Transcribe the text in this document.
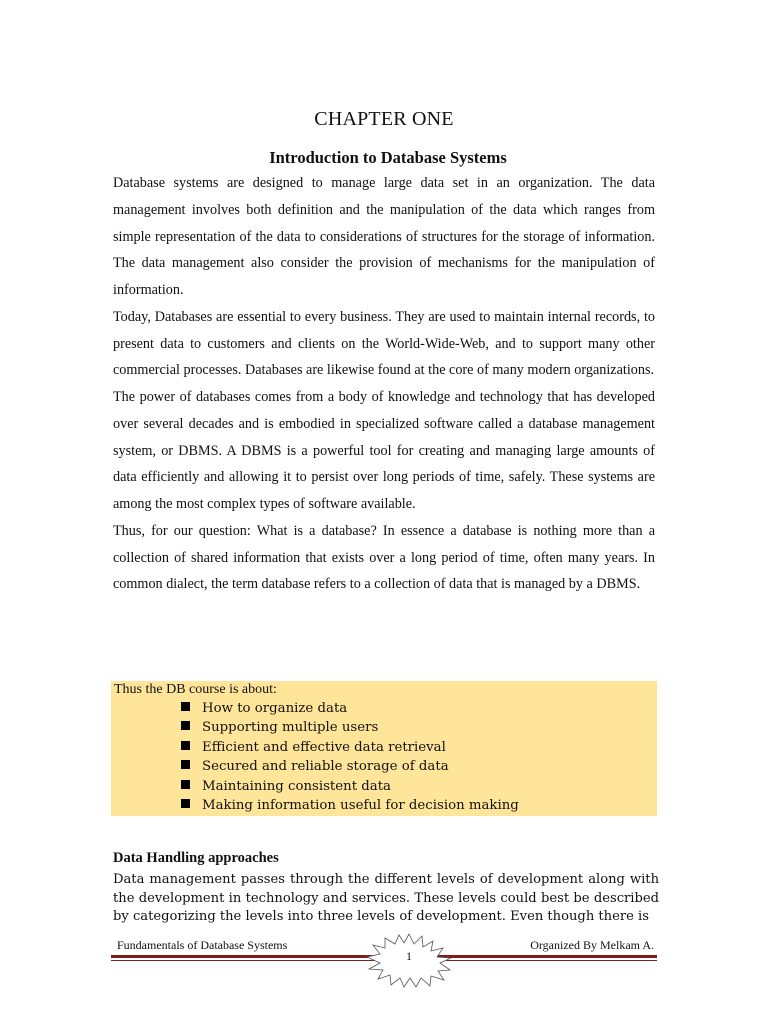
CHAPTER ONE
Introduction to Database Systems

Database systems are designed to manage large data set in an organization. The data management involves both definition and the manipulation of the data which ranges from simple representation of the data to considerations of structures for the storage of information. The data management also consider the provision of mechanisms for the manipulation of information.

Today, Databases are essential to every business. They are used to maintain internal records, to present data to customers and clients on the World-Wide-Web, and to support many other commercial processes. Databases are likewise found at the core of many modern organizations.

The power of databases comes from a body of knowledge and technology that has developed over several decades and is embodied in specialized software called a database management system, or DBMS. A DBMS is a powerful tool for creating and managing large amounts of data efficiently and allowing it to persist over long periods of time, safely. These systems are among the most complex types of software available.

Thus, for our question: What is a database? In essence a database is nothing more than a collection of shared information that exists over a long period of time, often many years. In common dialect, the term database refers to a collection of data that is managed by a DBMS.

Thus the DB course is about:
How to organize data
Supporting multiple users
Efficient and effective data retrieval
Secured and reliable storage of data
Maintaining consistent data
Making information useful for decision making
Data Handling approaches
Data management passes through the different levels of development along with the development in technology and services. These levels could best be described by categorizing the levels into three levels of development. Even though there is
Fundamentals of Database Systems	Organized By Melkam A.
1
